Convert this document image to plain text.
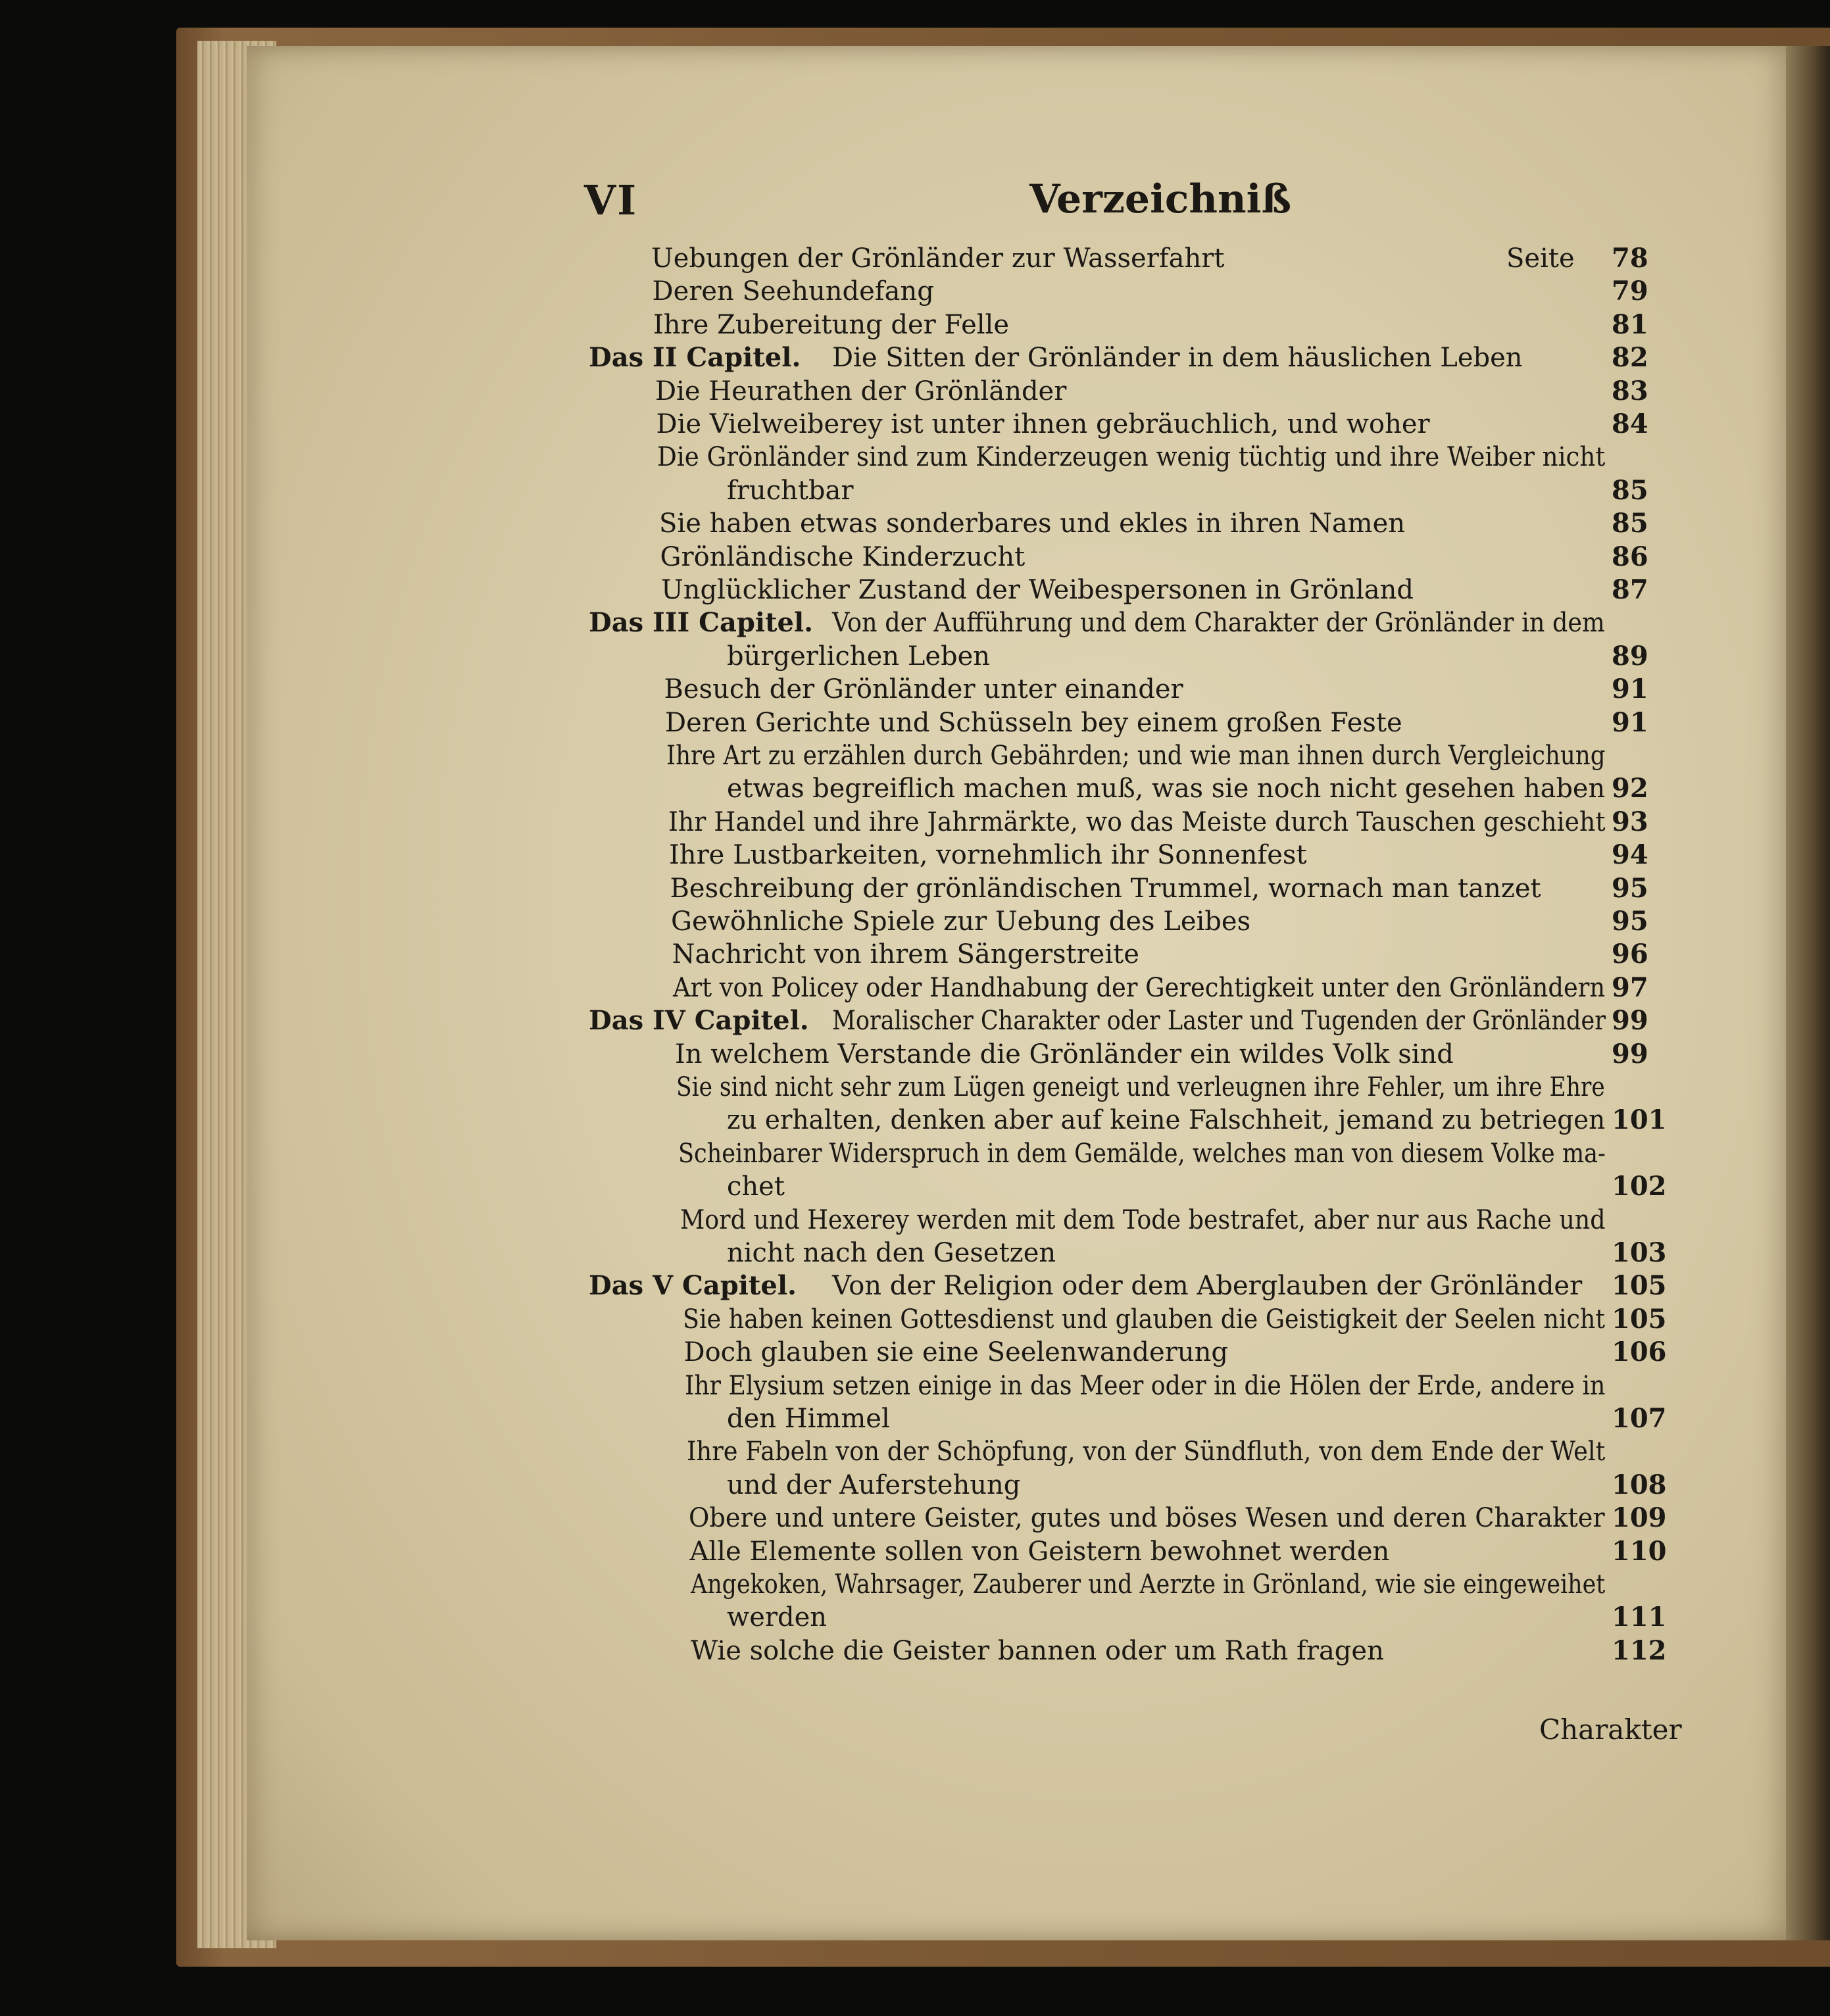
VI	Verzeichniß
Uebungen der Grönländer zur Wasserfahrt	Seite 78
Deren Seehundefang	79
Ihre Zubereitung der Felle	81
Das II Capitel. Die Sitten der Grönländer in dem häuslichen Leben	82
Die Heurathen der Grönländer	83
Die Vielweiberey ist unter ihnen gebräuchlich, und woher	84
Die Grönländer sind zum Kinderzeugen wenig tüchtig und ihre Weiber nicht
fruchtbar	85
Sie haben etwas sonderbares und ekles in ihren Namen	85
Grönländische Kinderzucht	86
Unglücklicher Zustand der Weibespersonen in Grönland	87
Das III Capitel. Von der Aufführung und dem Charakter der Grönländer in dem
bürgerlichen Leben	89
Besuch der Grönländer unter einander	91
Deren Gerichte und Schüsseln bey einem großen Feste	91
Ihre Art zu erzählen durch Gebährden; und wie man ihnen durch Vergleichung
etwas begreiflich machen muß, was sie noch nicht gesehen haben 92
Ihr Handel und ihre Jahrmärkte, wo das Meiste durch Tauschen geschieht 93
Ihre Lustbarkeiten, vornehmlich ihr Sonnenfest	94
Beschreibung der grönländischen Trummel, wornach man tanzet	95
Gewöhnliche Spiele zur Uebung des Leibes	95
Nachricht von ihrem Sängerstreite	96
Art von Policey oder Handhabung der Gerechtigkeit unter den Grönländern 97
Das IV Capitel. Moralischer Charakter oder Laster und Tugenden der Grönländer 99
In welchem Verstande die Grönländer ein wildes Volk sind	99
Sie sind nicht sehr zum Lügen geneigt und verleugnen ihre Fehler, um ihre Ehre
zu erhalten, denken aber auf keine Falschheit, jemand zu betriegen 101
Scheinbarer Widerspruch in dem Gemälde, welches man von diesem Volke ma-
chet	102
Mord und Hexerey werden mit dem Tode bestrafet, aber nur aus Rache und
nicht nach den Gesetzen	103
Das V Capitel. Von der Religion oder dem Aberglauben der Grönländer 105
Sie haben keinen Gottesdienst und glauben die Geistigkeit der Seelen nicht 105
Doch glauben sie eine Seelenwanderung	106
Ihr Elysium setzen einige in das Meer oder in die Hölen der Erde, andere in
den Himmel	107
Ihre Fabeln von der Schöpfung, von der Sündfluth, von dem Ende der Welt
und der Auferstehung	108
Obere und untere Geister, gutes und böses Wesen und deren Charakter 109
Alle Elemente sollen von Geistern bewohnet werden	110
Angekoken, Wahrsager, Zauberer und Aerzte in Grönland, wie sie eingeweihet
werden	111
Wie solche die Geister bannen oder um Rath fragen	112
Charakter
